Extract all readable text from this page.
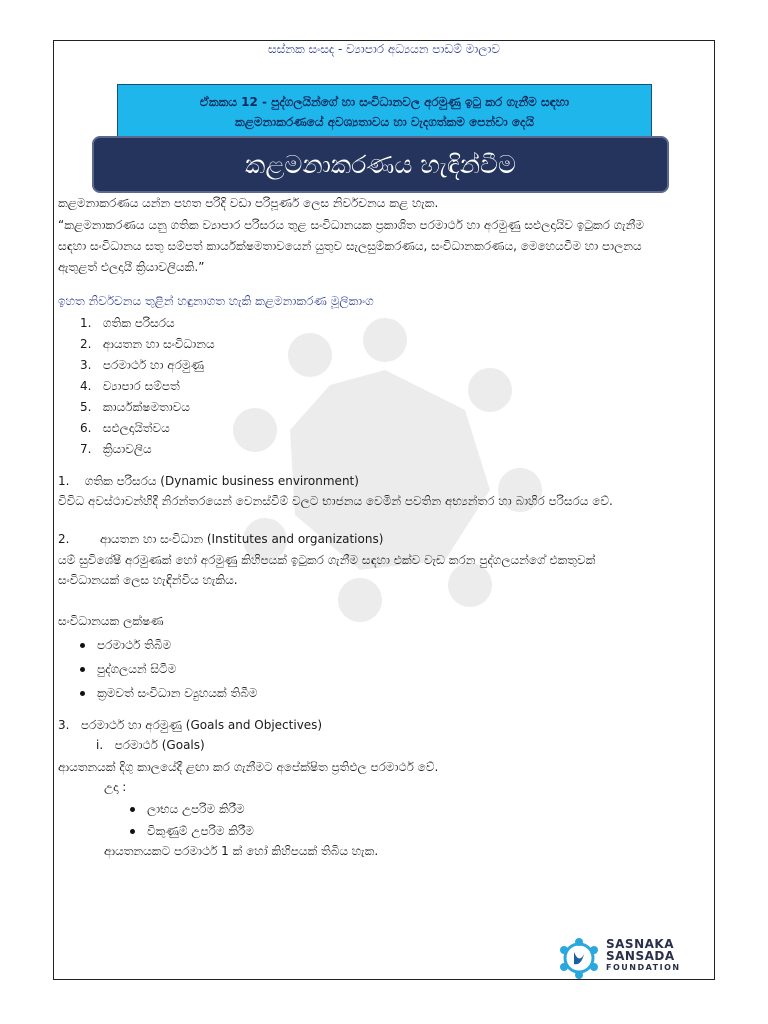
සස්නක සංසද - ව්‍යාපාර අධ්‍යයන පාඩම් මාලාව
ඒකකය 12 - පුද්ගලයින්ගේ හා සංවිධානවල අරමුණු ඉටු කර ගැනීම සඳහා
කළමනාකරණයේ අවශ්‍යතාවය හා වැදගත්කම පෙන්වා දෙයි
කළමනාකරණය හැඳින්වීම
කළමනාකරණය යන්න පහත පරිදි වඩා පරිපූර්ණ ලෙස නිර්වචනය කළ හැක.
“කළමනාකරණය යනු ගතික ව්‍යාපාර පරිසරය තුළ සංවිධානයක ප්‍රකාශිත පරමාර්ථ හා අරමුණු සඵලදායිව ඉටුකර ගැනීම
සඳහා සංවිධානය සතු සම්පත් කාර්යක්ෂමතාවයෙන් යුතුව සැලසුම්කරණය, සංවිධානකරණය, මෙහෙයවීම හා පාලනය
ඇතුළත් එලදායී ක්‍රියාවලියකි.”
ඉහත නිර්වචනය තුළින් හඳුනාගත හැකි කළමනාකරණ මූලිකාංග
1. ගතික පරිසරය
2. ආයතන හා සංවිධානය
3. පරමාර්ථ හා අරමුණු
4. ව්‍යාපාර සම්පත්
5. කාර්යක්ෂමතාවය
6. සඵලදායිත්වය
7. ක්‍රියාවලිය
1. ගතික පරිසරය (Dynamic business environment)
විවිධ අවස්ථාවන්හිදී නිරන්තරයෙන් වෙනස්වීම් වලට භාජනය වෙමින් පවතින අභ්‍යන්තර හා බාහිර පරිසරය වේ.
2.	ආයතන හා සංවිධාන (Institutes and organizations)
යම් සුවිශේෂී අරමුණක් හෝ අරමුණු කිහිපයක් ඉටුකර ගැනීම සඳහා එක්ව වැඩ කරන පුද්ගලයන්ගේ එකතුවක්
සංවිධානයක් ලෙස හැඳින්විය හැකිය.
සංවිධානයක ලක්ෂණ
පරමාර්ථ තිබීම
පුද්ගලයන් සිටීම
ක්‍රමවත් සංවිධාන ව්‍යුහයක් තිබීම
3. පරමාර්ථ හා අරමුණු (Goals and Objectives)
i. පරමාර්ථ (Goals)
ආයතනයක් දිගු කාලයේදී ළඟා කර ගැනීමට අපේක්ෂිත ප්‍රතිඵල පරමාර්ථ වේ.
උදා :
ලාභය උපරිම කිරීම
විකුණුම් උපරිම කිරීම
ආයතනයකට පරමාර්ථ 1 ක් හෝ කිහිපයක් තිබිය හැක.
SASNAKA
SANSADA
FOUNDATION
